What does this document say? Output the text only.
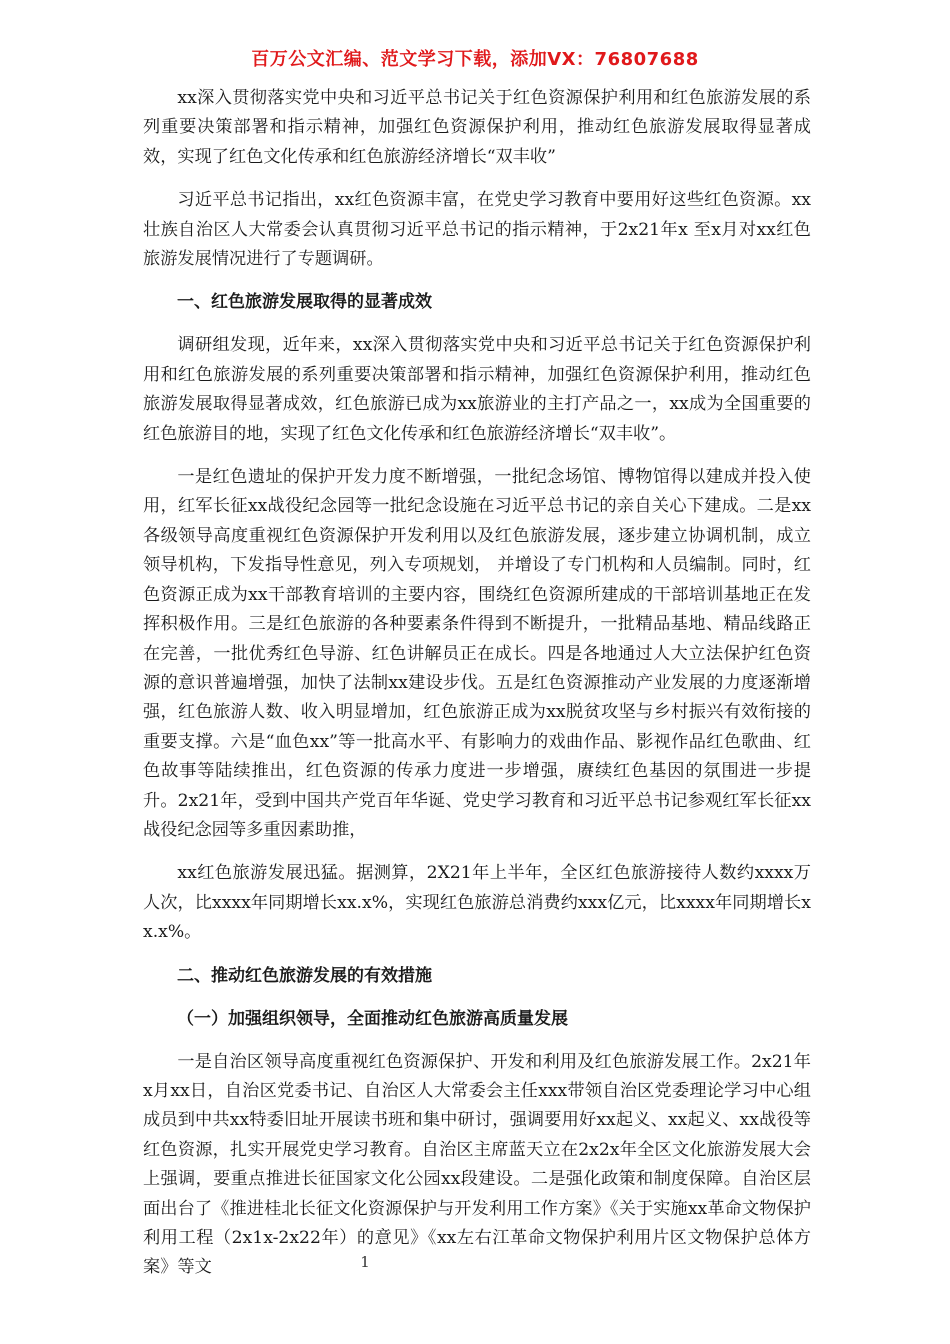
百万公文汇编、范文学习下载，添加VX：76807688

xx深入贯彻落实党中央和习近平总书记关于红色资源保护利用和红色旅游发展的系列重要决策部署和指示精神，加强红色资源保护利用，推动红色旅游发展取得显著成效，实现了红色文化传承和红色旅游经济增长“双丰收”

习近平总书记指出，xx红色资源丰富，在党史学习教育中要用好这些红色资源。xx壮族自治区人大常委会认真贯彻习近平总书记的指示精神，于2x21年x 至x月对xx红色旅游发展情况进行了专题调研。

一、红色旅游发展取得的显著成效

调研组发现，近年来，xx深入贯彻落实党中央和习近平总书记关于红色资源保护利用和红色旅游发展的系列重要决策部署和指示精神，加强红色资源保护利用，推动红色旅游发展取得显著成效，红色旅游已成为xx旅游业的主打产品之一，xx成为全国重要的红色旅游目的地，实现了红色文化传承和红色旅游经济增长“双丰收”。

一是红色遗址的保护开发力度不断增强，一批纪念场馆、博物馆得以建成并投入使用，红军长征xx战役纪念园等一批纪念设施在习近平总书记的亲自关心下建成。二是xx各级领导高度重视红色资源保护开发利用以及红色旅游发展，逐步建立协调机制，成立领导机构，下发指导性意见，列入专项规划， 并增设了专门机构和人员编制。同时，红色资源正成为xx干部教育培训的主要内容，围绕红色资源所建成的干部培训基地正在发挥积极作用。三是红色旅游的各种要素条件得到不断提升，一批精品基地、精品线路正在完善，一批优秀红色导游、红色讲解员正在成长。四是各地通过人大立法保护红色资源的意识普遍增强，加快了法制xx建设步伐。五是红色资源推动产业发展的力度逐渐增强，红色旅游人数、收入明显增加，红色旅游正成为xx脱贫攻坚与乡村振兴有效衔接的重要支撑。六是“血色xx”等一批高水平、有影响力的戏曲作品、影视作品红色歌曲、红色故事等陆续推出，红色资源的传承力度进一步增强，赓续红色基因的氛围进一步提升。2x21年，受到中国共产党百年华诞、党史学习教育和习近平总书记参观红军长征xx战役纪念园等多重因素助推，

xx红色旅游发展迅猛。据测算，2X21年上半年，全区红色旅游接待人数约xxxx万人次，比xxxx年同期增长xx.x%，实现红色旅游总消费约xxx亿元，比xxxx年同期增长xx.x%。

二、推动红色旅游发展的有效措施

（一）加强组织领导，全面推动红色旅游高质量发展

一是自治区领导高度重视红色资源保护、开发和利用及红色旅游发展工作。2x21年x月xx日，自治区党委书记、自治区人大常委会主任xxx带领自治区党委理论学习中心组成员到中共xx特委旧址开展读书班和集中研讨，强调要用好xx起义、xx起义、xx战役等红色资源，扎实开展党史学习教育。自治区主席蓝天立在2x2x年全区文化旅游发展大会上强调，要重点推进长征国家文化公园xx段建设。二是强化政策和制度保障。自治区层面出台了《推进桂北长征文化资源保护与开发利用工作方案》《关于实施xx革命文物保护利用工程（2x1x-2x22年）的意见》《xx左右江革命文物保护利用片区文物保护总体方案》等文	1
